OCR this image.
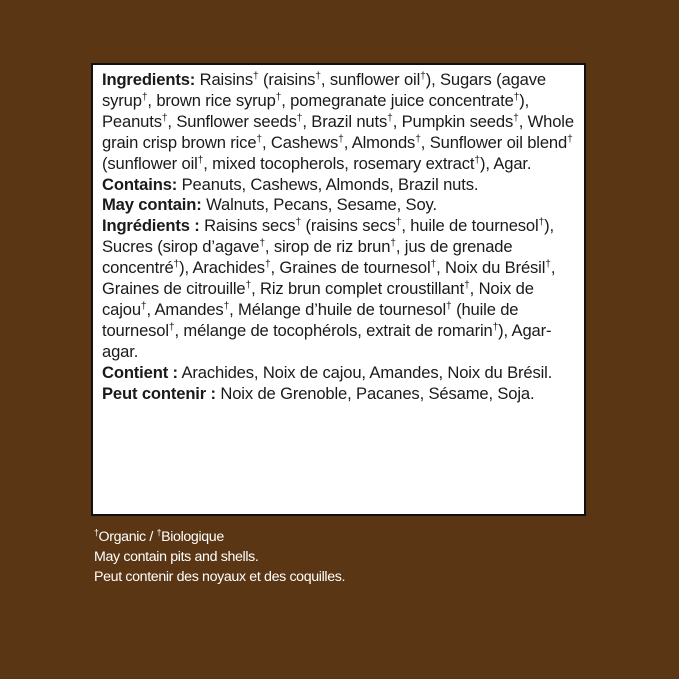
Ingredients: Raisins† (raisins†, sunflower oil†), Sugars (agave syrup†, brown rice syrup†, pomegranate juice concentrate†), Peanuts†, Sunflower seeds†, Brazil nuts†, Pumpkin seeds†, Whole grain crisp brown rice†, Cashews†, Almonds†, Sunflower oil blend† (sunflower oil†, mixed tocopherols, rosemary extract†), Agar.

Contains: Peanuts, Cashews, Almonds, Brazil nuts.

May contain: Walnuts, Pecans, Sesame, Soy.

Ingrédients : Raisins secs† (raisins secs†, huile de tournesol†), Sucres (sirop d’agave†, sirop de riz brun†, jus de grenade concentré†), Arachides†, Graines de tournesol†, Noix du Brésil†, Graines de citrouille†, Riz brun complet croustillant†, Noix de cajou†, Amandes†, Mélange d’huile de tournesol† (huile de tournesol†, mélange de tocophérols, extrait de romarin†), Agar-agar.

Contient : Arachides, Noix de cajou, Amandes, Noix du Brésil.

Peut contenir : Noix de Grenoble, Pacanes, Sésame, Soja.

†Organic / †Biologique

May contain pits and shells.

Peut contenir des noyaux et des coquilles.
